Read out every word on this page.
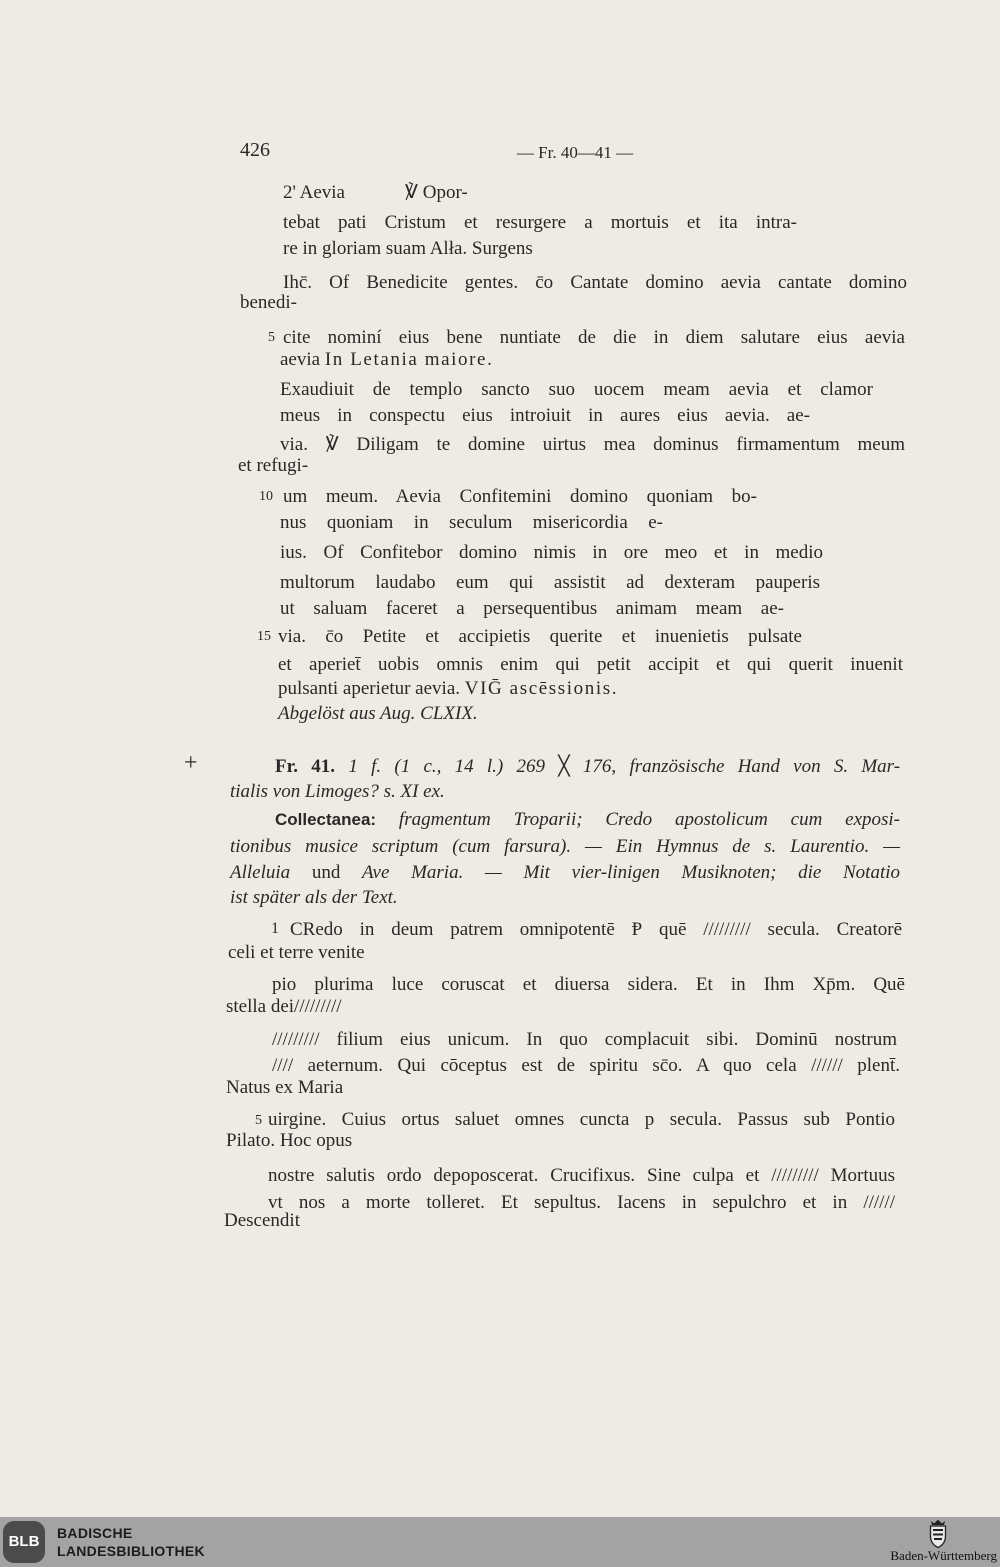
426	— Fr. 40—41 —
2' Aevia	℣ Opor-
tebat pati Cristum et resurgere a mortuis et ita intra-
re in gloriam suam Alła. Surgens
Ihc̄. Of Benedicite gentes. c̄o Cantate domino aevia cantate domino
benedi-
5 cite nominí eius bene nuntiate de die in diem salutare eius aevia
aevia In Letania maiore.
Exaudiuit de templo sancto suo uocem meam aevia et clamor
meus in conspectu eius introiuit in aures eius aevia. ae-
via. ℣ Diligam te domine uirtus mea dominus firmamentum meum
et refugi-
10 um meum. Aevia Confitemini domino quoniam bo-
nus quoniam in seculum misericordia e-
ius. Of Confitebor domino nimis in ore meo et in medio
multorum laudabo eum qui assistit ad dexteram pauperis
ut saluam faceret a persequentibus animam meam ae-
15 via. c̄o Petite et accipietis querite et inuenietis pulsate
et aperiet̄ uobis omnis enim qui petit accipit et qui querit inuenit
pulsanti aperietur aevia. VIḠ ascēssionis.
Abgelöst aus Aug. CLXIX.
+	Fr. 41. 1 f. (1 c., 14 l.) 269 ╳ 176, französische Hand von S. Mar-
tialis von Limoges? s. XI ex.
Collectanea: fragmentum Troparii; Credo apostolicum cum exposi-
tionibus musice scriptum (cum farsura). — Ein Hymnus de s. Laurentio. —
Alleluia und Ave Maria. — Mit vier-linigen Musiknoten; die Notatio
ist später als der Text.
1 CRedo in deum patrem omnipotentē Ᵽ quē ///////// secula. Creatorē
celi et terre venite
pio plurima luce coruscat et diuersa sidera. Et in Ihm Xp̄m. Quē
stella dei/////////
///////// filium eius unicum. In quo complacuit sibi. Dominū nostrum
//// aeternum. Qui cōceptus est de spiritu sc̄o. A quo cela ////// plent̄.
Natus ex Maria
5 uirgine. Cuius ortus saluet omnes cuncta p secula. Passus sub Pontio
Pilato. Hoc opus
nostre salutis ordo depoposcerat. Crucifixus. Sine culpa et ///////// Mortuus
vt nos a morte tolleret. Et sepultus. Iacens in sepulchro et in //////
Descendit
BLB	BADISCHE
LANDESBIBLIOTHEK	Baden-Württemberg
